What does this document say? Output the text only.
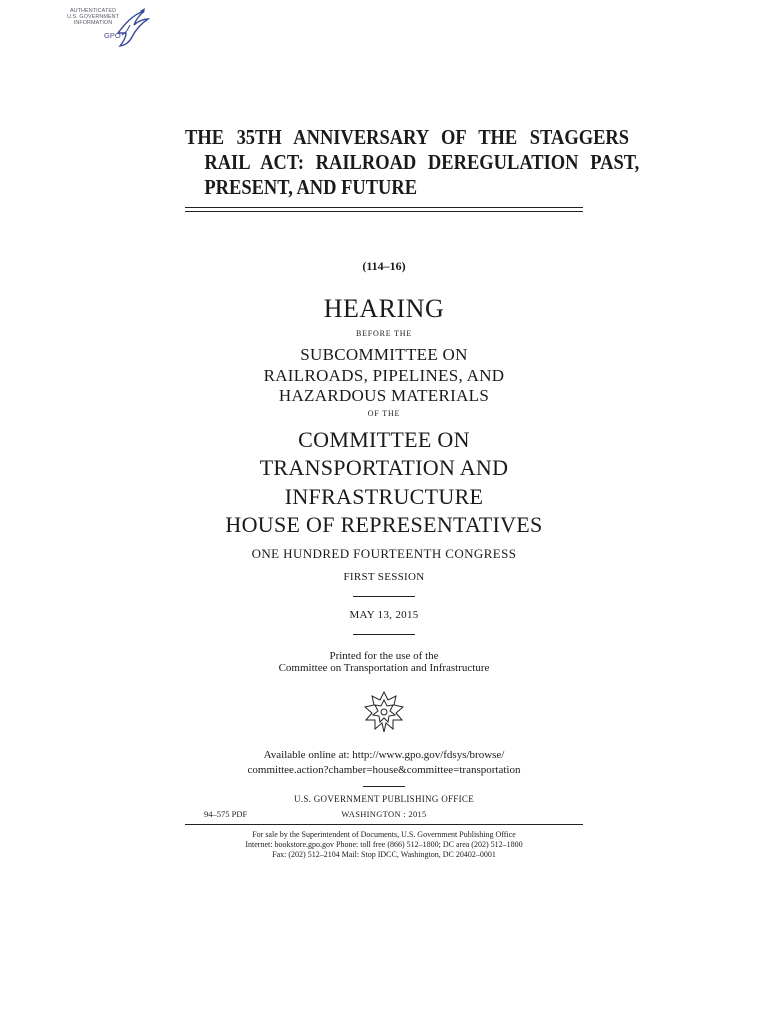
AUTHENTICATED
U.S. GOVERNMENT
INFORMATION
GPO
THE 35TH ANNIVERSARY OF THE STAGGERS
RAIL ACT: RAILROAD DEREGULATION PAST,
PRESENT, AND FUTURE
(114–16)
HEARING
BEFORE THE
SUBCOMMITTEE ON
RAILROADS, PIPELINES, AND
HAZARDOUS MATERIALS
OF THE
COMMITTEE ON
TRANSPORTATION AND
INFRASTRUCTURE
HOUSE OF REPRESENTATIVES
ONE HUNDRED FOURTEENTH CONGRESS
FIRST SESSION
MAY 13, 2015
Printed for the use of the
Committee on Transportation and Infrastructure
Available online at: http://www.gpo.gov/fdsys/browse/
committee.action?chamber=house&committee=transportation
U.S. GOVERNMENT PUBLISHING OFFICE
94–575 PDF	WASHINGTON : 2015
For sale by the Superintendent of Documents, U.S. Government Publishing Office
Internet: bookstore.gpo.gov Phone: toll free (866) 512–1800; DC area (202) 512–1800
Fax: (202) 512–2104 Mail: Stop IDCC, Washington, DC 20402–0001
